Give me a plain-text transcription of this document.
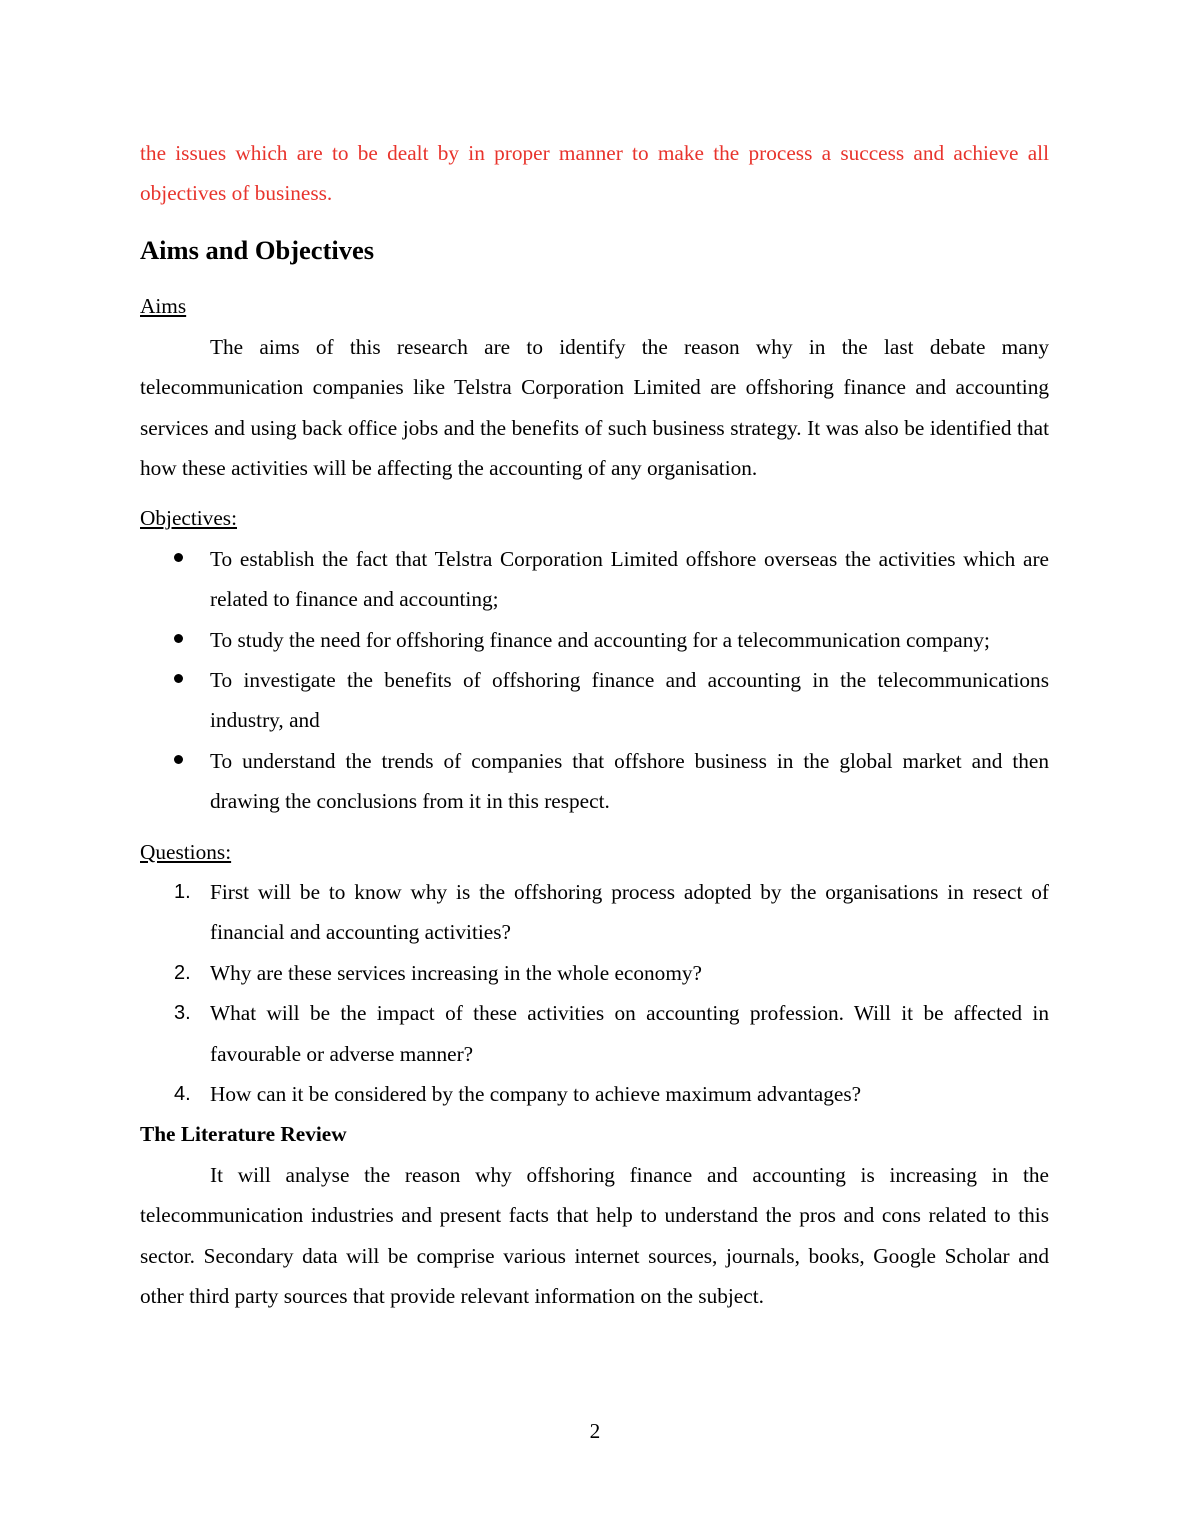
the issues which are to be dealt by in proper manner to make the process a success and achieve all objectives of business.

Aims and Objectives

Aims

The aims of this research are to identify the reason why in the last debate many telecommunication companies like Telstra Corporation Limited are offshoring finance and accounting services and using back office jobs and the benefits of such business strategy. It was also be identified that how these activities will be affecting the accounting of any organisation.

Objectives:

To establish the fact that Telstra Corporation Limited offshore overseas the activities which are related to finance and accounting;
To study the need for offshoring finance and accounting for a telecommunication company;
To investigate the benefits of offshoring finance and accounting in the telecommunications industry, and
To understand the trends of companies that offshore business in the global market and then drawing the conclusions from it in this respect.

Questions:

1. First will be to know why is the offshoring process adopted by the organisations in resect of financial and accounting activities?
2. Why are these services increasing in the whole economy?
3. What will be the impact of these activities on accounting profession. Will it be affected in favourable or adverse manner?
4. How can it be considered by the company to achieve maximum advantages?

The Literature Review

It will analyse the reason why offshoring finance and accounting is increasing in the telecommunication industries and present facts that help to understand the pros and cons related to this sector. Secondary data will be comprise various internet sources, journals, books, Google Scholar and other third party sources that provide relevant information on the subject.

2
